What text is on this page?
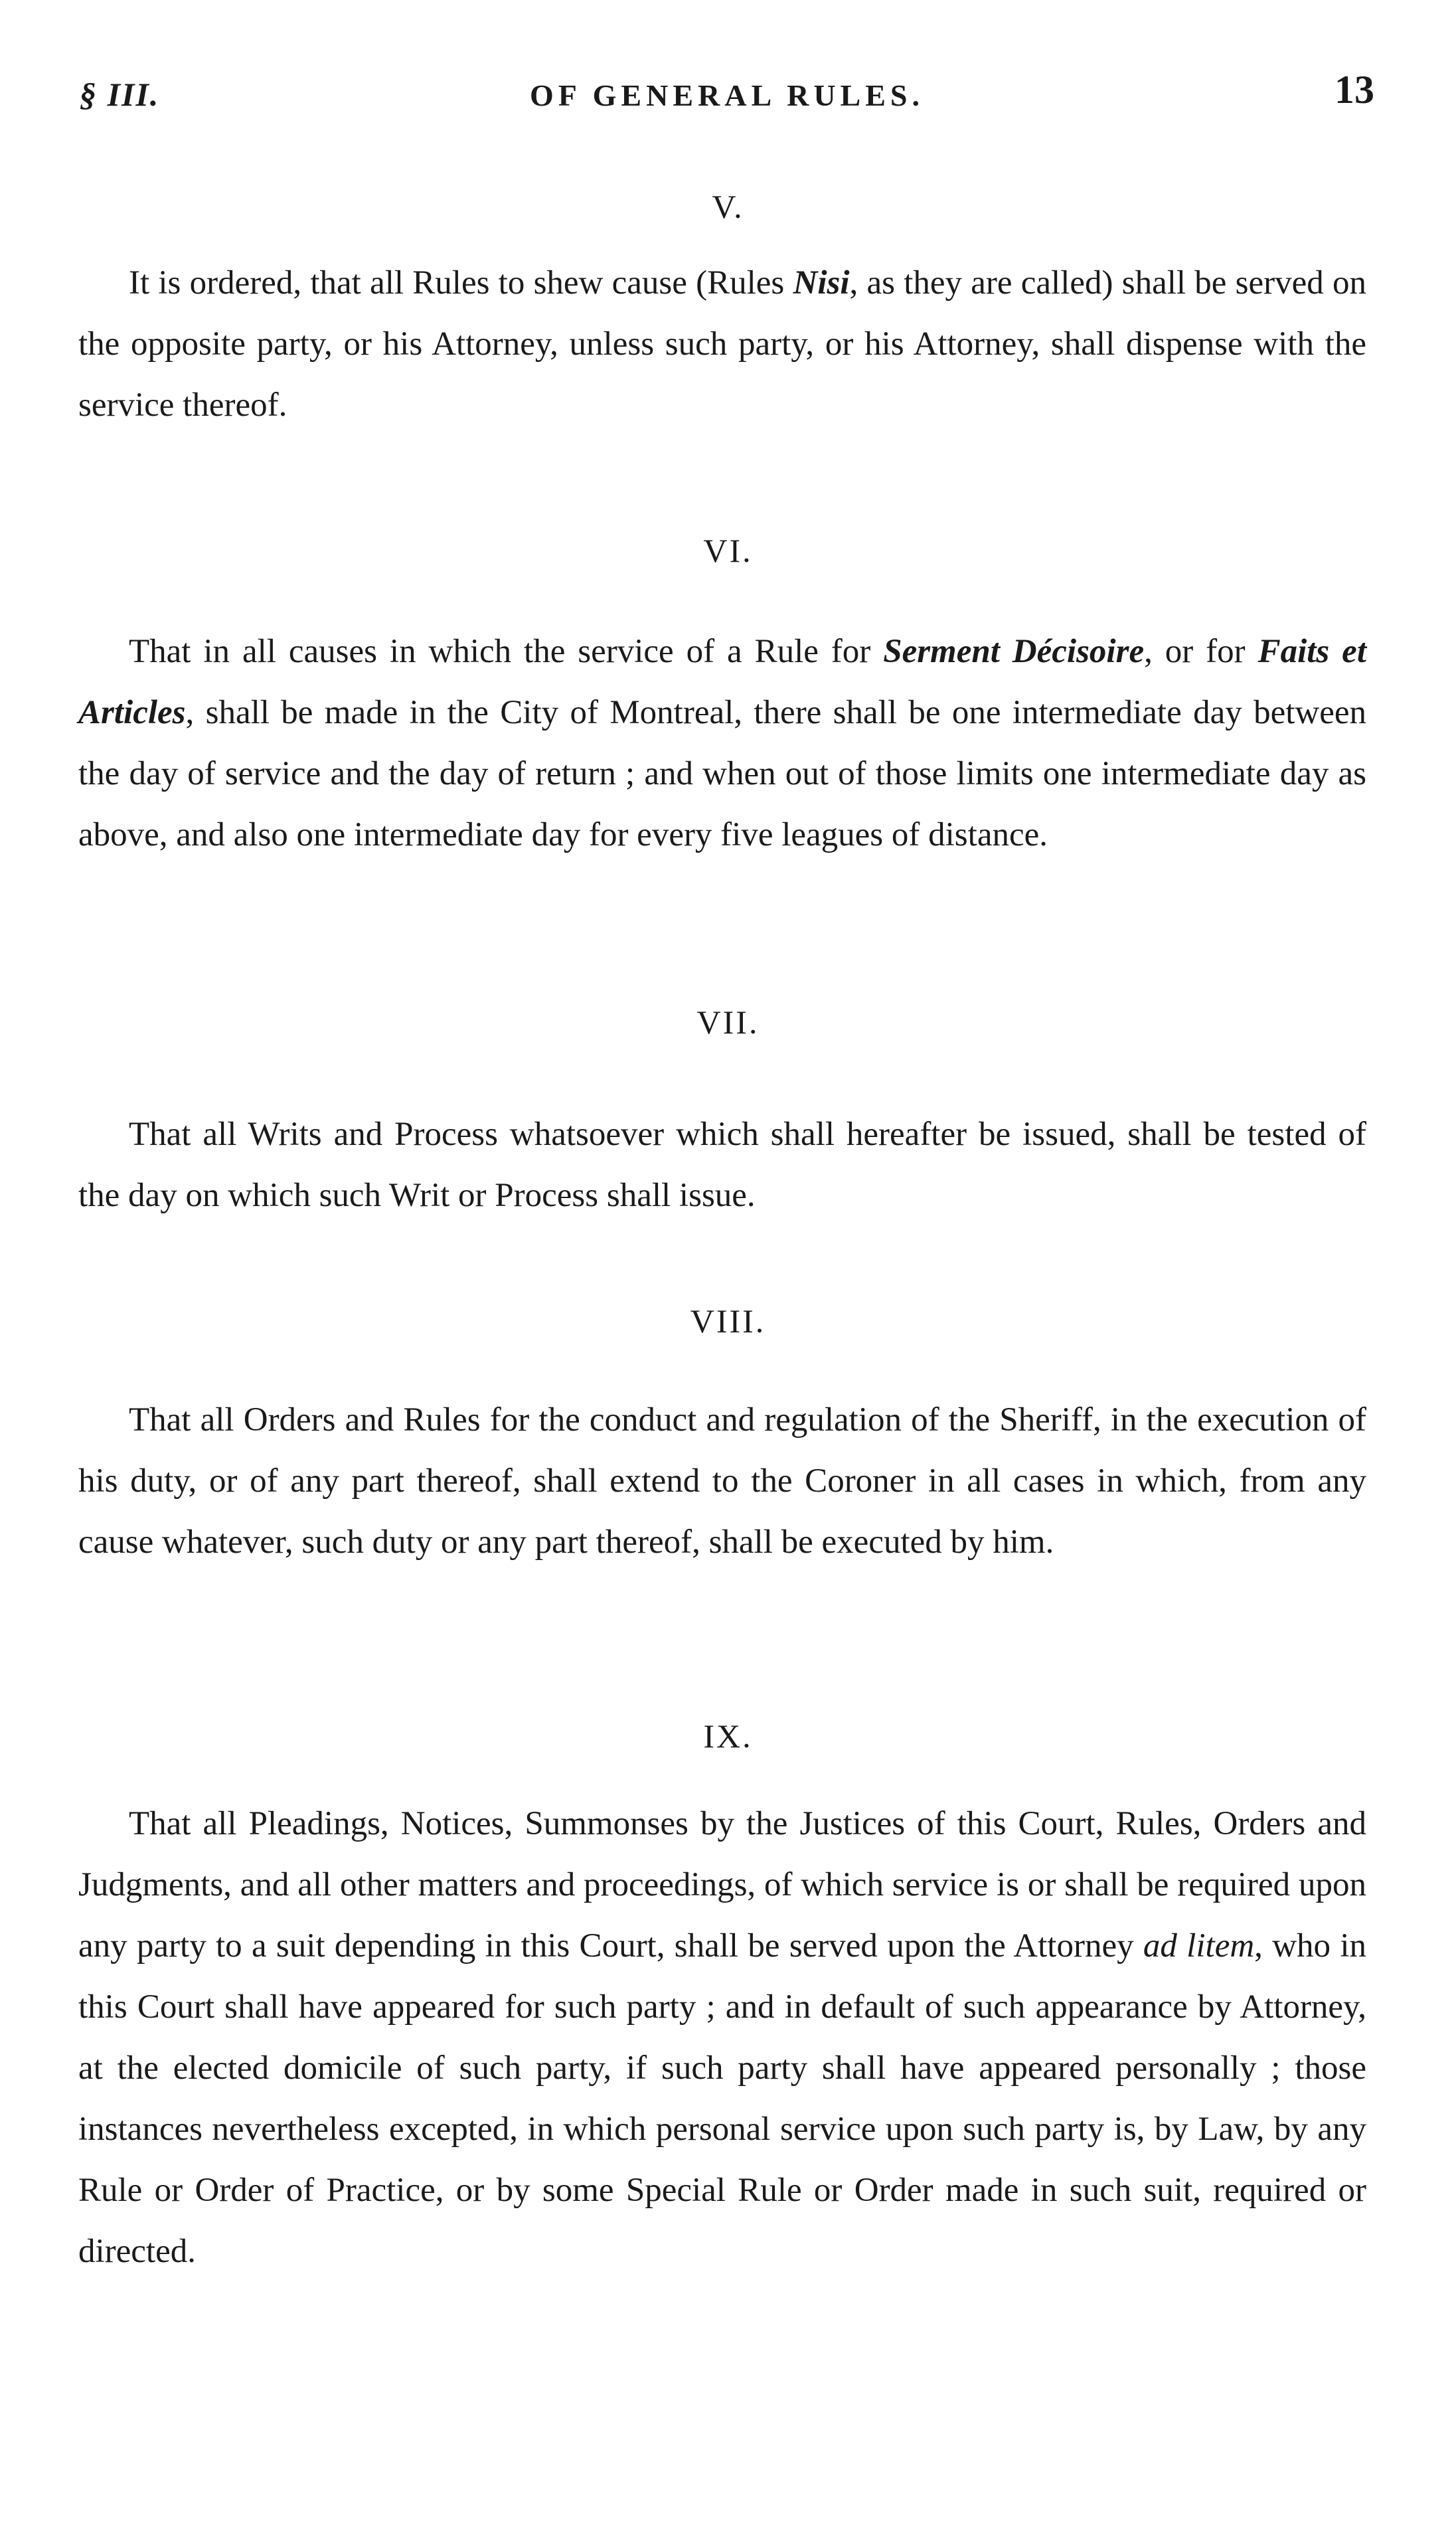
§ III.	OF GENERAL RULES.	13
V.

It is ordered, that all Rules to shew cause (Rules Nisi, as they are called) shall be served on the opposite party, or his Attorney, unless such party, or his Attorney, shall dispense with the service thereof.

VI.

That in all causes in which the service of a Rule for Serment Décisoire, or for Faits et Articles, shall be made in the City of Montreal, there shall be one intermediate day between the day of service and the day of return ; and when out of those limits one intermediate day as above, and also one intermediate day for every five leagues of distance.

VII.

That all Writs and Process whatsoever which shall hereafter be issued, shall be tested of the day on which such Writ or Process shall issue.

VIII.

That all Orders and Rules for the conduct and regulation of the Sheriff, in the execution of his duty, or of any part thereof, shall extend to the Coroner in all cases in which, from any cause whatever, such duty or any part thereof, shall be executed by him.

IX.

That all Pleadings, Notices, Summonses by the Justices of this Court, Rules, Orders and Judgments, and all other matters and proceedings, of which service is or shall be required upon any party to a suit depending in this Court, shall be served upon the Attorney ad litem, who in this Court shall have appeared for such party ; and in default of such appearance by Attorney, at the elected domicile of such party, if such party shall have appeared personally ; those instances nevertheless excepted, in which personal service upon such party is, by Law, by any Rule or Order of Practice, or by some Special Rule or Order made in such suit, required or directed.
